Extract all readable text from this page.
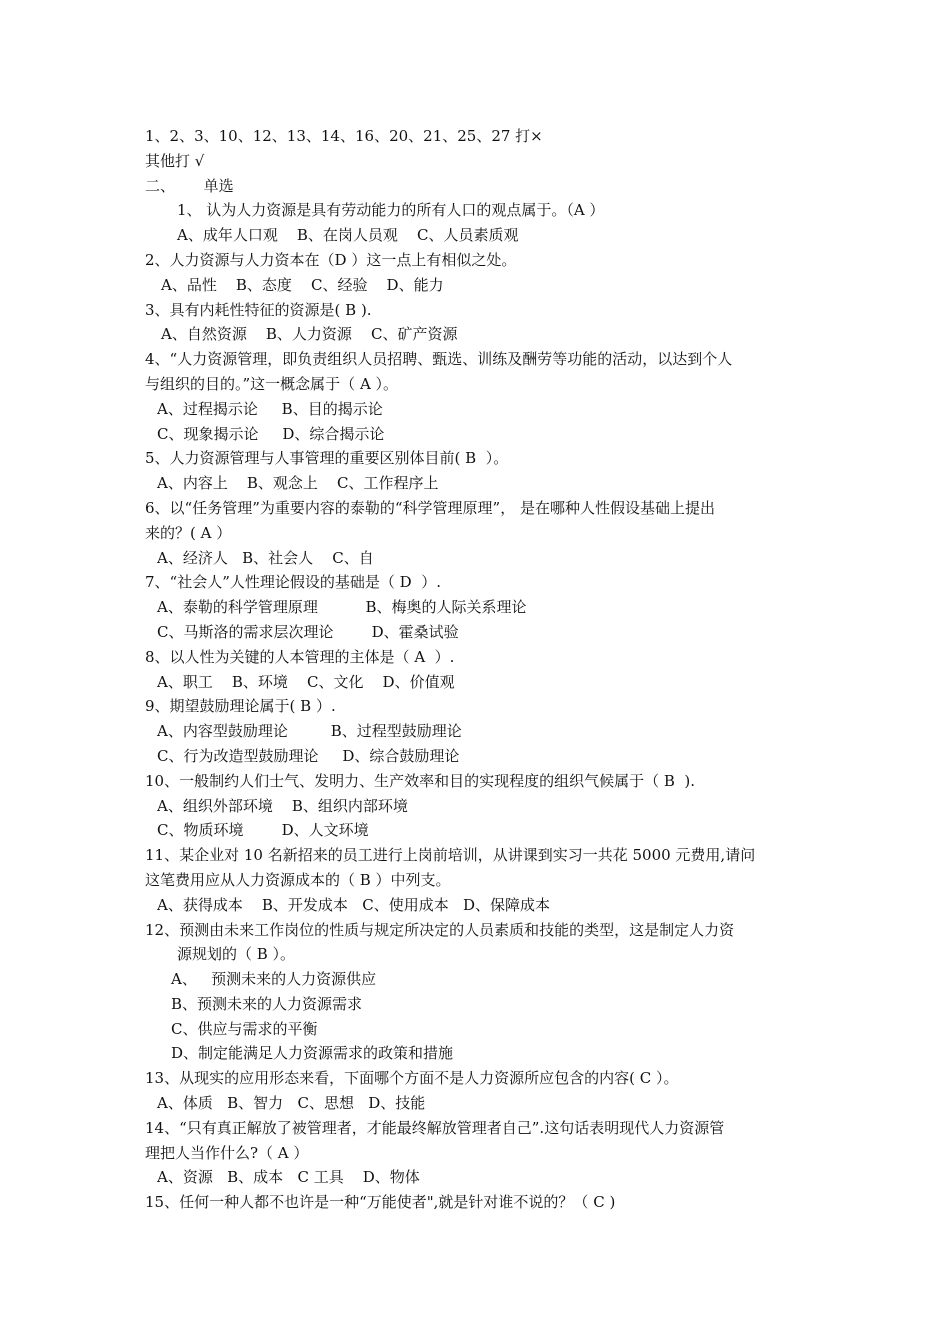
1、2、3、10、12、13、14、16、20、21、25、27 打×
其他打 √
二、      单选
1、 认为人力资源是具有劳动能力的所有人口的观点属于。（A ）
A、成年人口观    B、在岗人员观    C、人员素质观
2、人力资源与人力资本在（D ）这一点上有相似之处。
A、品性    B、态度    C、经验    D、能力
3、具有内耗性特征的资源是( B ).
A、自然资源    B、人力资源    C、矿产资源
4、“人力资源管理，即负责组织人员招聘、甄选、训练及酬劳等功能的活动，以达到个人
与组织的目的。”这一概念属于（ A ）。
A、过程揭示论     B、目的揭示论
C、现象揭示论     D、综合揭示论
5、人力资源管理与人事管理的重要区别体目前( B  ）。
A、内容上    B、观念上    C、工作程序上
6、以“任务管理”为重要内容的泰勒的“科学管理原理”， 是在哪种人性假设基础上提出
来的？( A ）
A、经济人   B、社会人    C、自
7、“社会人”人性理论假设的基础是（ D  ）.
A、泰勒的科学管理原理          B、梅奥的人际关系理论
C、马斯洛的需求层次理论        D、霍桑试验
8、以人性为关键的人本管理的主体是（ A  ）.
A、职工    B、环境    C、文化    D、价值观
9、期望鼓励理论属于( B ）.
A、内容型鼓励理论         B、过程型鼓励理论
C、行为改造型鼓励理论     D、综合鼓励理论
10、一般制约人们士气、发明力、生产效率和目的实现程度的组织气候属于（ B  ).
A、组织外部环境    B、组织内部环境
C、物质环境        D、人文环境
11、某企业对 10 名新招来的员工进行上岗前培训，从讲课到实习一共花 5000 元费用,请问
这笔费用应从人力资源成本的（ B ）中列支。
A、获得成本    B、开发成本   C、使用成本   D、保障成本
12、预测由未来工作岗位的性质与规定所决定的人员素质和技能的类型，这是制定人力资
源规划的（ B ）。
A、   预测未来的人力资源供应
B、预测未来的人力资源需求
C、供应与需求的平衡
D、制定能满足人力资源需求的政策和措施
13、从现实的应用形态来看，下面哪个方面不是人力资源所应包含的内容( C ）。
A、体质   B、智力   C、思想   D、技能
14、“只有真正解放了被管理者，才能最终解放管理者自己”.这句话表明现代人力资源管
理把人当作什么?（ A ）
A、资源   B、成本   C 工具    D、物体
15、任何一种人都不也许是一种“万能使者",就是针对谁不说的？（ C )
